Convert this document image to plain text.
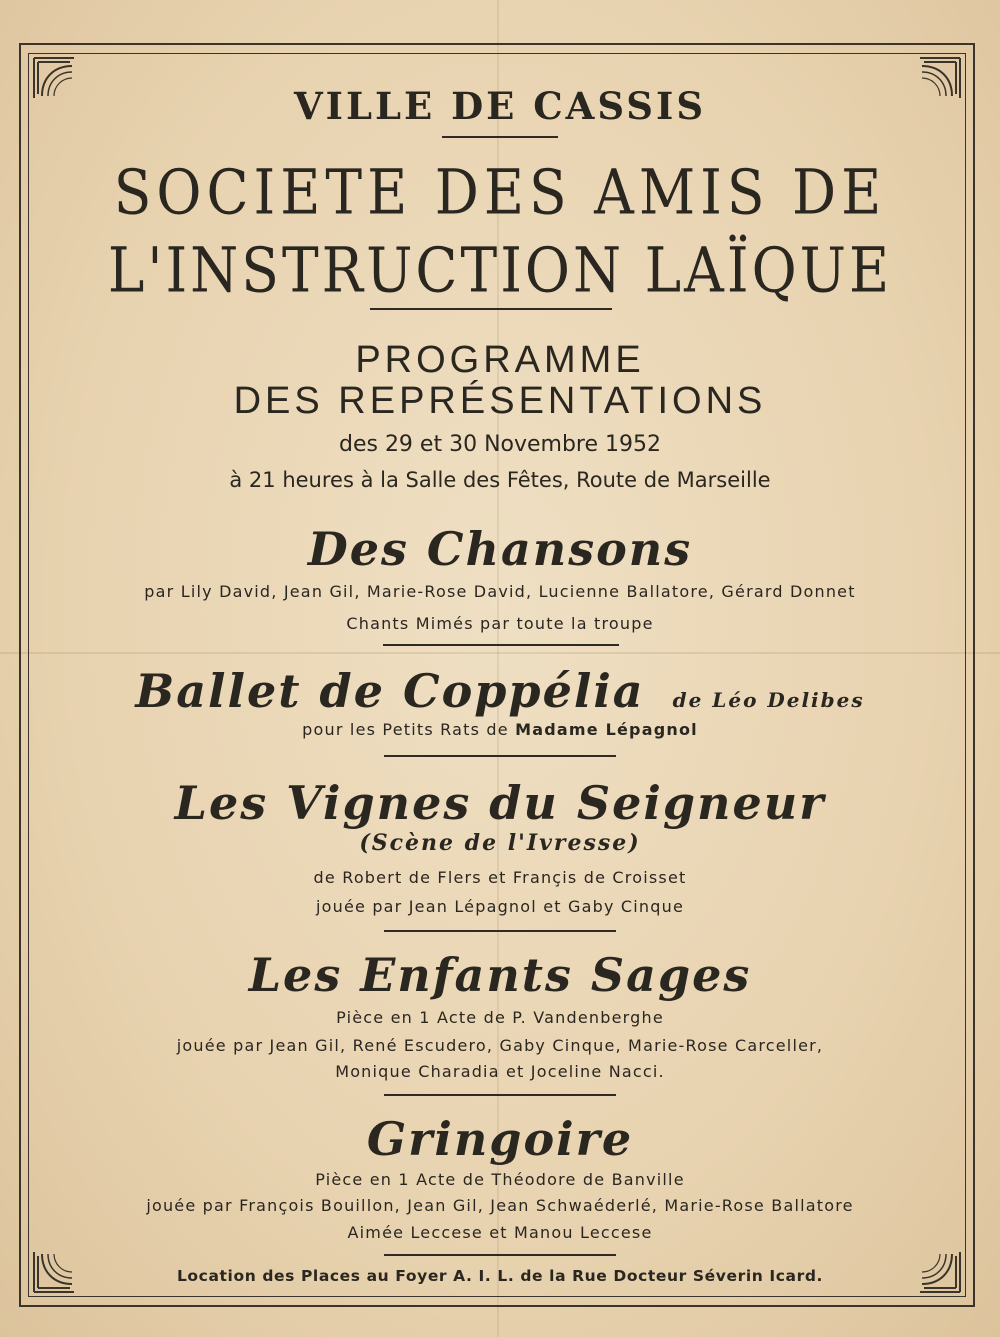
VILLE DE CASSIS
SOCIETE DES AMIS DE
L'INSTRUCTION LAÏQUE
PROGRAMME
DES REPRÉSENTATIONS
des 29 et 30 Novembre 1952
à 21 heures à la Salle des Fêtes, Route de Marseille
Des Chansons
par Lily David, Jean Gil, Marie-Rose David, Lucienne Ballatore, Gérard Donnet
Chants Mimés par toute la troupe
Ballet de Coppélia de Léo Delibes
pour les Petits Rats de Madame Lépagnol
Les Vignes du Seigneur
(Scène de l'Ivresse)
de Robert de Flers et Françis de Croisset
jouée par Jean Lépagnol et Gaby Cinque
Les Enfants Sages
Pièce en 1 Acte de P. Vandenberghe
jouée par Jean Gil, René Escudero, Gaby Cinque, Marie-Rose Carceller,
Monique Charadia et Joceline Nacci.
Gringoire
Pièce en 1 Acte de Théodore de Banville
jouée par François Bouillon, Jean Gil, Jean Schwaéderlé, Marie-Rose Ballatore
Aimée Leccese et Manou Leccese
Location des Places au Foyer A. I. L. de la Rue Docteur Séverin Icard.
